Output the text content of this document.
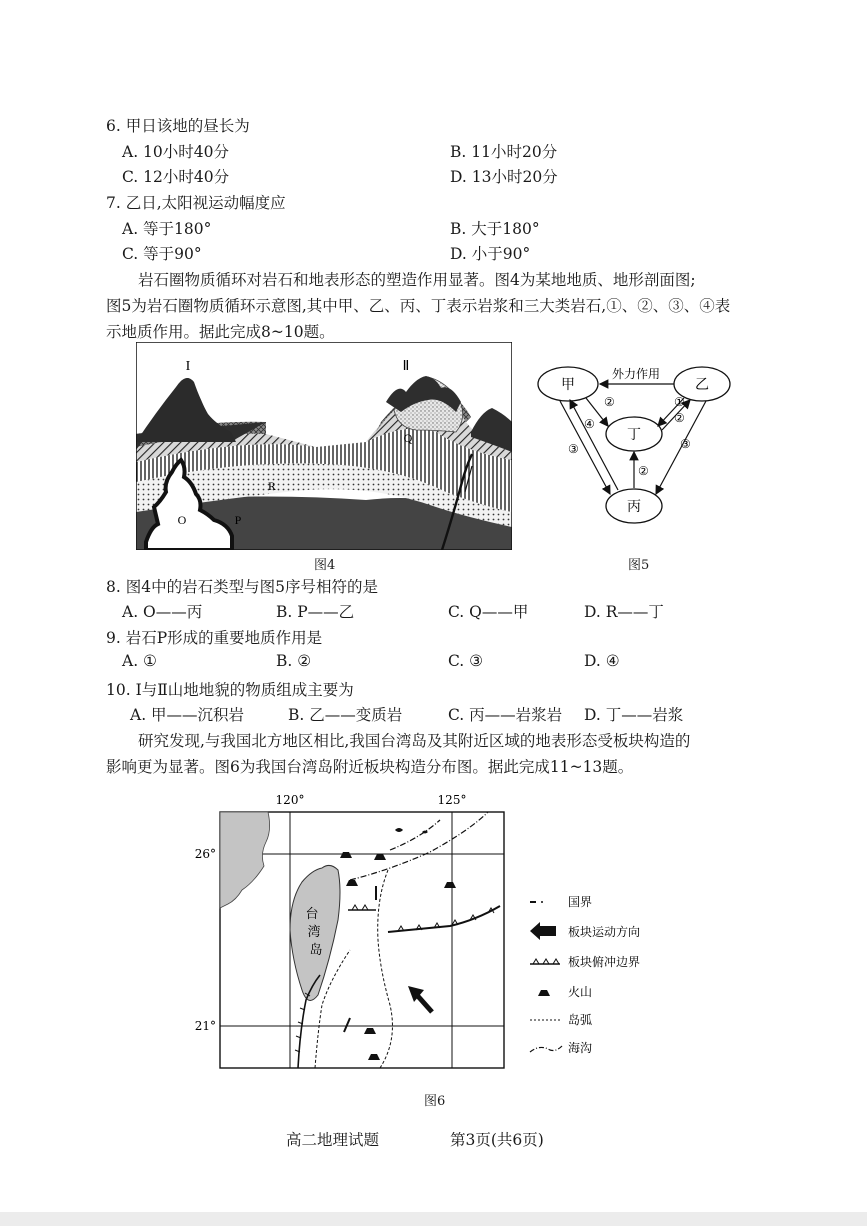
6. 甲日该地的昼长为
A. 10小时40分	B. 11小时20分
C. 12小时40分	D. 13小时20分
7. 乙日,太阳视运动幅度应
A. 等于180°	B. 大于180°
C. 等于90°	D. 小于90°
岩石圈物质循环对岩石和地表形态的塑造作用显著。图4为某地地质、地形剖面图;
图5为岩石圈物质循环示意图,其中甲、乙、丙、丁表示岩浆和三大类岩石,①、②、③、④表
示地质作用。据此完成8~10题。
I	Ⅱ
Q
R
O	P
图4
甲	乙
丁
丙
外力作用
②	①
②
④
③	③
②
图5
8. 图4中的岩石类型与图5序号相符的是
A. O——丙	B. P——乙	C. Q——甲	D. R——丁
9. 岩石P形成的重要地质作用是
A. ①	B. ②	C. ③	D. ④
10. Ⅰ与Ⅱ山地地貌的物质组成主要为
A. 甲——沉积岩	B. 乙——变质岩	C. 丙——岩浆岩 D. 丁——岩浆
研究发现,与我国北方地区相比,我国台湾岛及其附近区域的地表形态受板块构造的
影响更为显著。图6为我国台湾岛附近板块构造分布图。据此完成11~13题。
台
湾
岛
120°	125°
26°
21°
国界
板块运动方向
板块俯冲边界
火山
岛弧
海沟
图6
高二地理试题	第3页(共6页)
